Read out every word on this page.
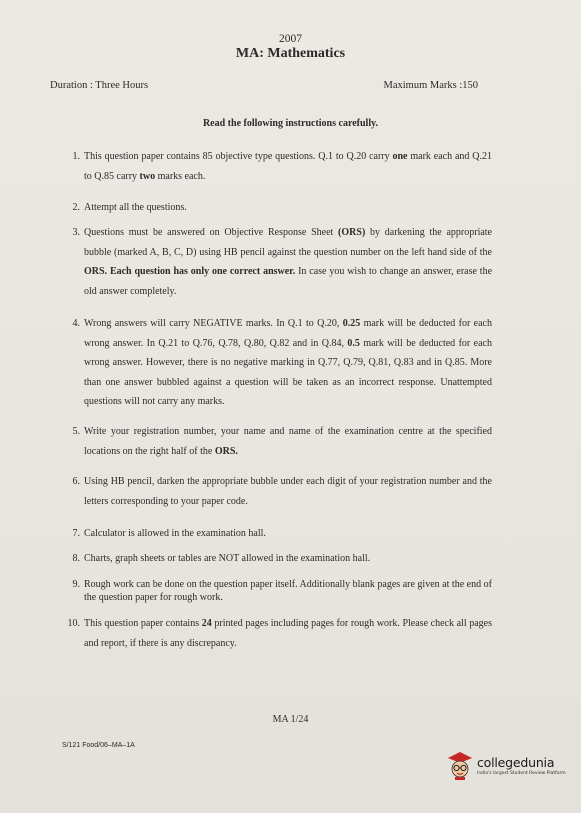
2007
MA: Mathematics
Duration : Three Hours	Maximum Marks :150
Read the following instructions carefully.
1. This question paper contains 85 objective type questions. Q.1 to Q.20 carry one mark each and Q.21 to Q.85 carry two marks each.
2. Attempt all the questions.
3. Questions must be answered on Objective Response Sheet (ORS) by darkening the appropriate bubble (marked A, B, C, D) using HB pencil against the question number on the left hand side of the ORS. Each question has only one correct answer. In case you wish to change an answer, erase the old answer completely.
4. Wrong answers will carry NEGATIVE marks. In Q.1 to Q.20, 0.25 mark will be deducted for each wrong answer. In Q.21 to Q.76, Q.78, Q.80, Q.82 and in Q.84, 0.5 mark will be deducted for each wrong answer. However, there is no negative marking in Q.77, Q.79, Q.81, Q.83 and in Q.85. More than one answer bubbled against a question will be taken as an incorrect response. Unattempted questions will not carry any marks.
5. Write your registration number, your name and name of the examination centre at the specified locations on the right half of the ORS.
6. Using HB pencil, darken the appropriate bubble under each digit of your registration number and the letters corresponding to your paper code.
7. Calculator is allowed in the examination hall.
8. Charts, graph sheets or tables are NOT allowed in the examination hall.
9. Rough work can be done on the question paper itself. Additionally blank pages are given at the end of the question paper for rough work.
10. This question paper contains 24 printed pages including pages for rough work. Please check all pages and report, if there is any discrepancy.
MA 1/24
S/121 Food/06–MA–1A
collegedunia
India's largest Student Review Platform
